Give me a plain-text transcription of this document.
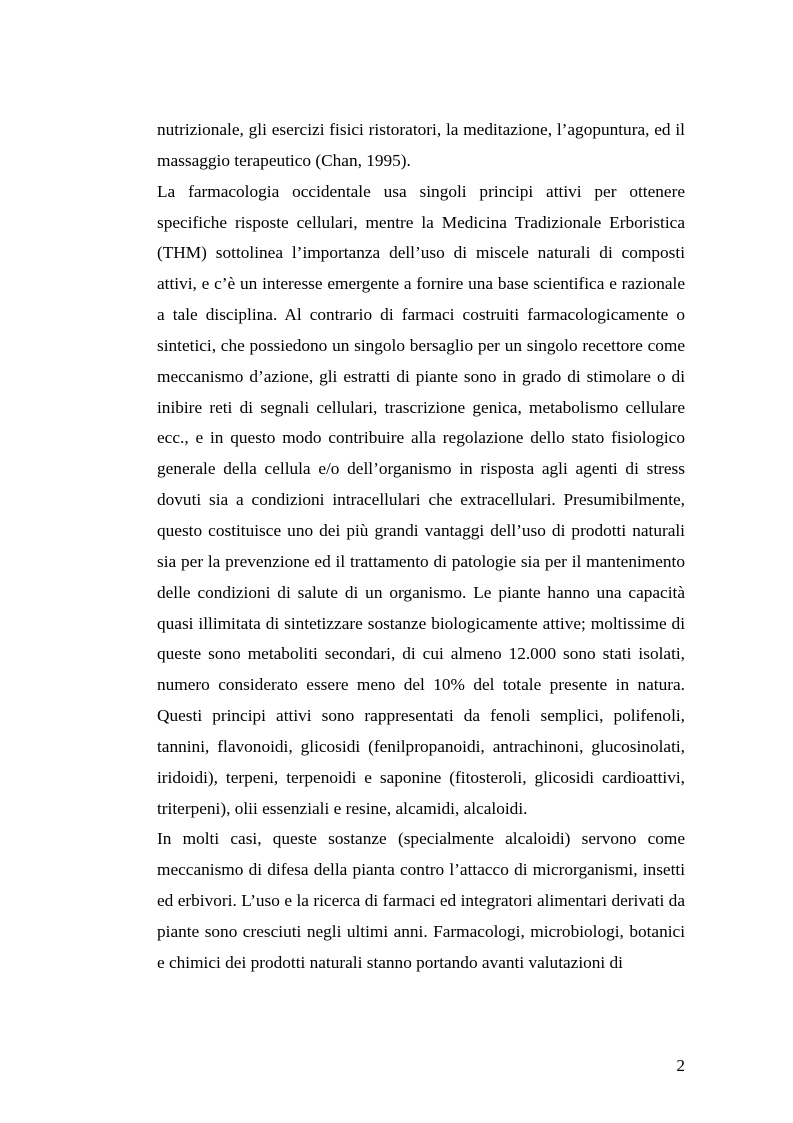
nutrizionale, gli esercizi fisici ristoratori, la meditazione, l’agopuntura, ed il massaggio terapeutico (Chan, 1995).

La farmacologia occidentale usa singoli principi attivi per ottenere specifiche risposte cellulari, mentre la Medicina Tradizionale Erboristica (THM) sottolinea l’importanza dell’uso di miscele naturali di composti attivi, e c’è un interesse emergente a fornire una base scientifica e razionale a tale disciplina. Al contrario di farmaci costruiti farmacologicamente o sintetici, che possiedono un singolo bersaglio per un singolo recettore come meccanismo d’azione, gli estratti di piante sono in grado di stimolare o di inibire reti di segnali cellulari, trascrizione genica, metabolismo cellulare ecc., e in questo modo contribuire alla regolazione dello stato fisiologico generale della cellula e/o dell’organismo in risposta agli agenti di stress dovuti sia a condizioni intracellulari che extracellulari. Presumibilmente, questo costituisce uno dei più grandi vantaggi dell’uso di prodotti naturali sia per la prevenzione ed il trattamento di patologie sia per il mantenimento delle condizioni di salute di un organismo. Le piante hanno una capacità quasi illimitata di sintetizzare sostanze biologicamente attive; moltissime di queste sono metaboliti secondari, di cui almeno 12.000 sono stati isolati, numero considerato essere meno del 10% del totale presente in natura. Questi principi attivi sono rappresentati da fenoli semplici, polifenoli, tannini, flavonoidi, glicosidi (fenilpropanoidi, antrachinoni, glucosinolati, iridoidi), terpeni, terpenoidi e saponine (fitosteroli, glicosidi cardioattivi, triterpeni), olii essenziali e resine, alcamidi, alcaloidi.

In molti casi, queste sostanze (specialmente alcaloidi) servono come meccanismo di difesa della pianta contro l’attacco di microrganismi, insetti ed erbivori. L’uso e la ricerca di farmaci ed integratori alimentari derivati da piante sono cresciuti negli ultimi anni. Farmacologi, microbiologi, botanici e chimici dei prodotti naturali stanno portando avanti valutazioni di

2
